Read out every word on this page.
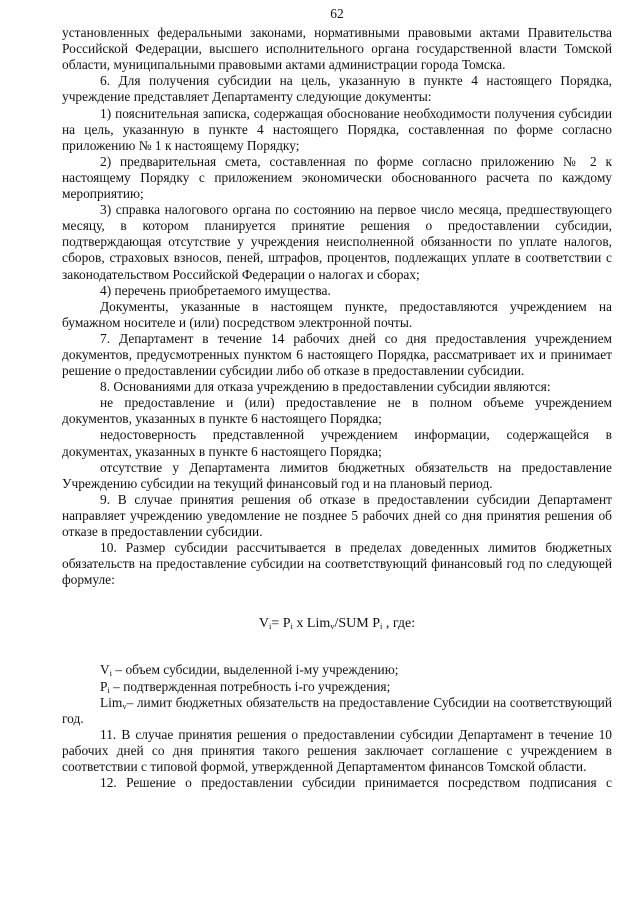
62

установленных федеральными законами, нормативными правовыми актами Правительства Российской Федерации, высшего исполнительного органа государственной власти Томской области, муниципальными правовыми актами администрации города Томска.

6. Для получения субсидии на цель, указанную в пункте 4 настоящего Порядка, учреждение представляет Департаменту следующие документы:

1) пояснительная записка, содержащая обоснование необходимости получения субсидии на цель, указанную в пункте 4 настоящего Порядка, составленная по форме согласно приложению № 1 к настоящему Порядку;

2) предварительная смета, составленная по форме согласно приложению № 2 к настоящему Порядку с приложением экономически обоснованного расчета по каждому мероприятию;

3) справка налогового органа по состоянию на первое число месяца, предшествующего месяцу, в котором планируется принятие решения о предоставлении субсидии, подтверждающая отсутствие у учреждения неисполненной обязанности по уплате налогов, сборов, страховых взносов, пеней, штрафов, процентов, подлежащих уплате в соответствии с законодательством Российской Федерации о налогах и сборах;

4) перечень приобретаемого имущества.

Документы, указанные в настоящем пункте, предоставляются учреждением на бумажном носителе и (или) посредством электронной почты.

7. Департамент в течение 14 рабочих дней со дня предоставления учреждением документов, предусмотренных пунктом 6 настоящего Порядка, рассматривает их и принимает решение о предоставлении субсидии либо об отказе в предоставлении субсидии.

8. Основаниями для отказа учреждению в предоставлении субсидии являются:

не предоставление и (или) предоставление не в полном объеме учреждением документов, указанных в пункте 6 настоящего Порядка;

недостоверность представленной учреждением информации, содержащейся в документах, указанных в пункте 6 настоящего Порядка;

отсутствие у Департамента лимитов бюджетных обязательств на предоставление Учреждению субсидии на текущий финансовый год и на плановый период.

9. В случае принятия решения об отказе в предоставлении субсидии Департамент направляет учреждению уведомление не позднее 5 рабочих дней со дня принятия решения об отказе в предоставлении субсидии.

10. Размер субсидии рассчитывается в пределах доведенных лимитов бюджетных обязательств на предоставление субсидии на соответствующий финансовый год по следующей формуле:

$V_i= P_i$ x Lim$_v$/SUM $P_i$ , где:

$V_i$ – объем субсидии, выделенной i-му учреждению;

$P_i$ – подтвержденная потребность i-го учреждения;

Lim$_v$– лимит бюджетных обязательств на предоставление Субсидии на соответствующий год.

11. В случае принятия решения о предоставлении субсидии Департамент в течение 10 рабочих дней со дня принятия такого решения заключает соглашение с учреждением в соответствии с типовой формой, утвержденной Департаментом финансов Томской области.

12. Решение о предоставлении субсидии принимается посредством подписания с
